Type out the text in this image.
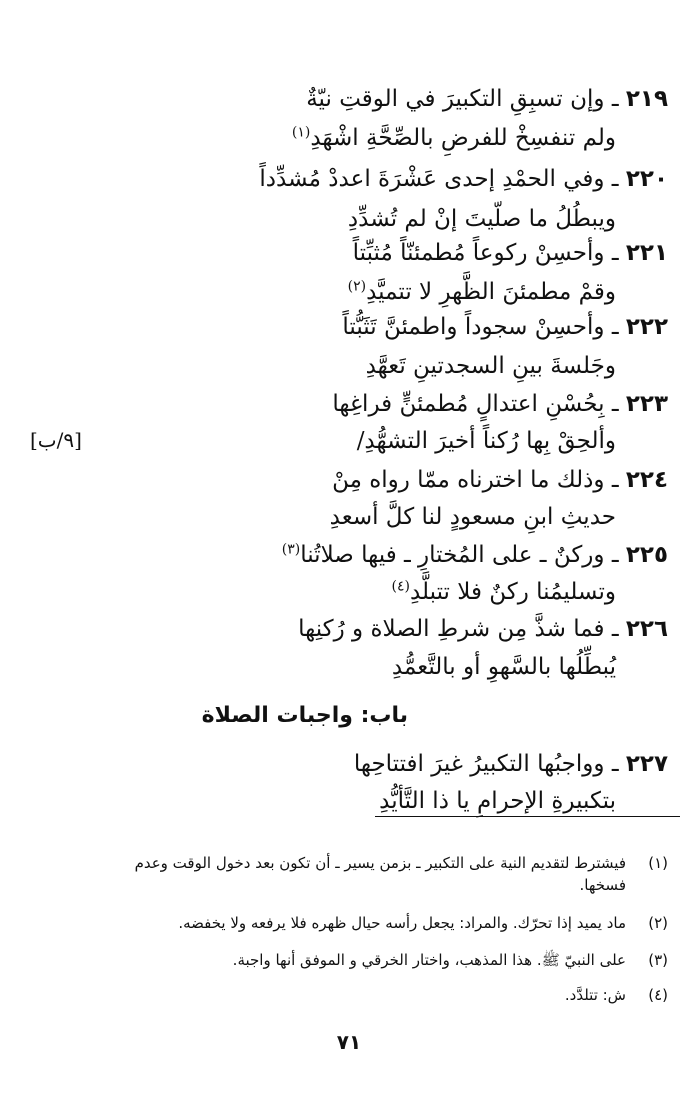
٢١٩ ـ وإن تسبِقِ التكبيرَ في الوقتِ نيّةٌ
ولم تنفسِخْ للفرضِ بالصِّحَّةِ اشْهَدِ$^{(١)}$
٢٢٠ ـ وفي الحمْدِ إحدى عَشْرَةَ اعددْ مُشدِّداً
ويبطُلُ ما صلّيتَ إنْ لم تُشدِّدِ
٢٢١ ـ وأحسِنْ ركوعاً مُطمئنّاً مُثبِّتاً
وقمْ مطمئنَ الظَّهرِ لا تتميَّدِ$^{(٢)}$
٢٢٢ ـ وأحسِنْ سجوداً واطمئنَّ تَثَبُّتاً
وجَلسةَ بينِ السجدتينِ تَعهَّدِ
٢٢٣ ـ بِحُسْنِ اعتدالٍ مُطمئنٍّ فراغِها
وألحِقْ بِها رُكناً أخيرَ التشهُّدِ/
[٩/ب]
٢٢٤ ـ وذلك ما اخترناه ممّا رواه مِنْ
حديثِ ابنِ مسعودٍ لنا كلَّ أسعدِ
٢٢٥ ـ وركنٌ ـ على المُختارِ ـ فيها صلاتُنا$^{(٣)}$
وتسليمُنا ركنٌ فلا تتبلَّدِ$^{(٤)}$
٢٢٦ ـ فما شذَّ مِن شرطِ الصلاة و رُكنِها
يُبطِّلُها بالسَّهوِ أو بالتَّعمُّدِ
باب: واجبات الصلاة
٢٢٧ ـ وواجبُها التكبيرُ غيرَ افتتاحِها
بتكبيرةِ الإحرامِ يا ذا التَّأيُّدِ
(١)فيشترط لتقديم النية على التكبير ـ بزمن يسير ـ أن تكون بعد دخول الوقت وعدم
فسخها.
(٢)ماد يميد إذا تحرّك. والمراد: يجعل رأسه حيال ظهره فلا يرفعه ولا يخفضه.
(٣)على النبيّ ﷺ. هذا المذهب، واختار الخرقي و الموفق أنها واجبة.
(٤)ش: تتلدَّد.
٧١
